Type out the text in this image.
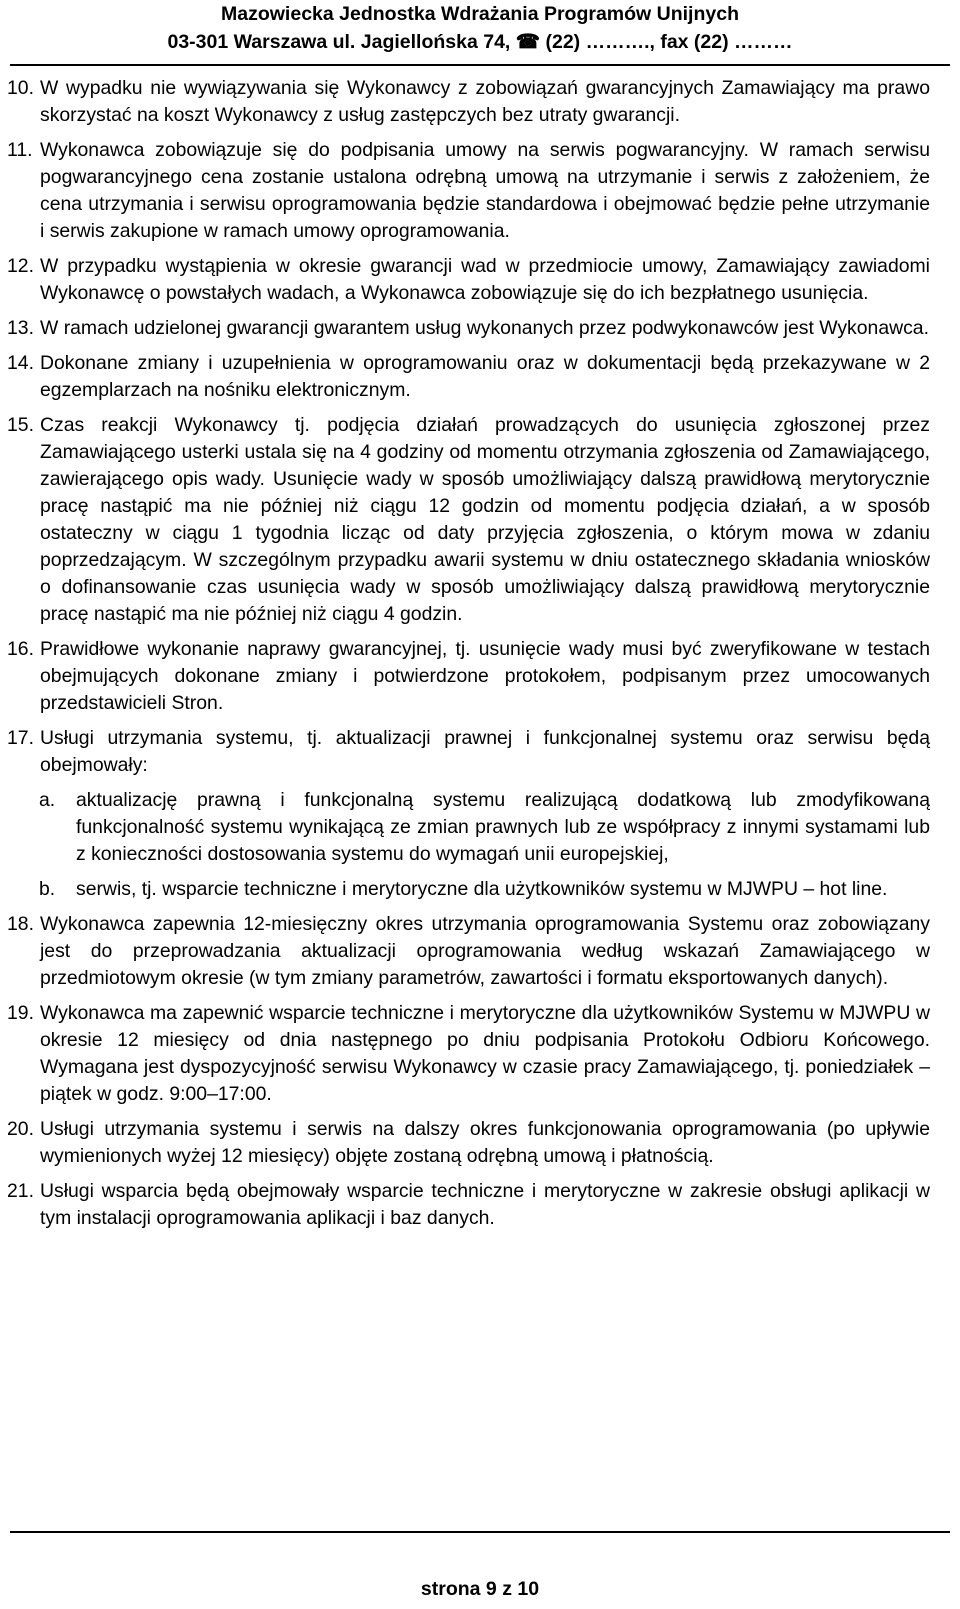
Mazowiecka Jednostka Wdrażania Programów Unijnych
03-301 Warszawa ul. Jagiellońska 74, ☎ (22) ………., fax (22) ………
10. W wypadku nie wywiązywania się Wykonawcy z zobowiązań gwarancyjnych Zamawiający ma prawo skorzystać na koszt Wykonawcy z usług zastępczych bez utraty gwarancji.
11. Wykonawca zobowiązuje się do podpisania umowy na serwis pogwarancyjny. W ramach serwisu pogwarancyjnego cena zostanie ustalona odrębną umową na utrzymanie i serwis z założeniem, że cena utrzymania i serwisu oprogramowania będzie standardowa i obejmować będzie pełne utrzymanie i serwis zakupione w ramach umowy oprogramowania.
12. W przypadku wystąpienia w okresie gwarancji wad w przedmiocie umowy, Zamawiający zawiadomi Wykonawcę o powstałych wadach, a Wykonawca zobowiązuje się do ich bezpłatnego usunięcia.
13. W ramach udzielonej gwarancji gwarantem usług wykonanych przez podwykonawców jest Wykonawca.
14. Dokonane zmiany i uzupełnienia w oprogramowaniu oraz w dokumentacji będą przekazywane w 2 egzemplarzach na nośniku elektronicznym.
15. Czas reakcji Wykonawcy tj. podjęcia działań prowadzących do usunięcia zgłoszonej przez Zamawiającego usterki ustala się na 4 godziny od momentu otrzymania zgłoszenia od Zamawiającego, zawierającego opis wady. Usunięcie wady w sposób umożliwiający dalszą prawidłową merytorycznie pracę nastąpić ma nie później niż ciągu 12 godzin od momentu podjęcia działań, a w sposób ostateczny w ciągu 1 tygodnia licząc od daty przyjęcia zgłoszenia, o którym mowa w zdaniu poprzedzającym. W szczególnym przypadku awarii systemu w dniu ostatecznego składania wniosków o dofinansowanie czas usunięcia wady w sposób umożliwiający dalszą prawidłową merytorycznie pracę nastąpić ma nie później niż ciągu 4 godzin.
16. Prawidłowe wykonanie naprawy gwarancyjnej, tj. usunięcie wady musi być zweryfikowane w testach obejmujących dokonane zmiany i potwierdzone protokołem, podpisanym przez umocowanych przedstawicieli Stron.
17. Usługi utrzymania systemu, tj. aktualizacji prawnej i funkcjonalnej systemu oraz serwisu będą obejmowały:
a. aktualizację prawną i funkcjonalną systemu realizującą dodatkową lub zmodyfikowaną funkcjonalność systemu wynikającą ze zmian prawnych lub ze współpracy z innymi systamami lub z konieczności dostosowania systemu do wymagań unii europejskiej,
b. serwis, tj. wsparcie techniczne i merytoryczne dla użytkowników systemu w MJWPU – hot line.
18. Wykonawca zapewnia 12-miesięczny okres utrzymania oprogramowania Systemu oraz zobowiązany jest do przeprowadzania aktualizacji oprogramowania według wskazań Zamawiającego w przedmiotowym okresie (w tym zmiany parametrów, zawartości i formatu eksportowanych danych).
19. Wykonawca ma zapewnić wsparcie techniczne i merytoryczne dla użytkowników Systemu w MJWPU w okresie 12 miesięcy od dnia następnego po dniu podpisania Protokołu Odbioru Końcowego. Wymagana jest dyspozycyjność serwisu Wykonawcy w czasie pracy Zamawiającego, tj. poniedziałek – piątek w godz. 9:00–17:00.
20. Usługi utrzymania systemu i serwis na dalszy okres funkcjonowania oprogramowania (po upływie wymienionych wyżej 12 miesięcy) objęte zostaną odrębną umową i płatnością.
21. Usługi wsparcia będą obejmowały wsparcie techniczne i merytoryczne w zakresie obsługi aplikacji w tym instalacji oprogramowania aplikacji i baz danych.
strona 9 z 10
